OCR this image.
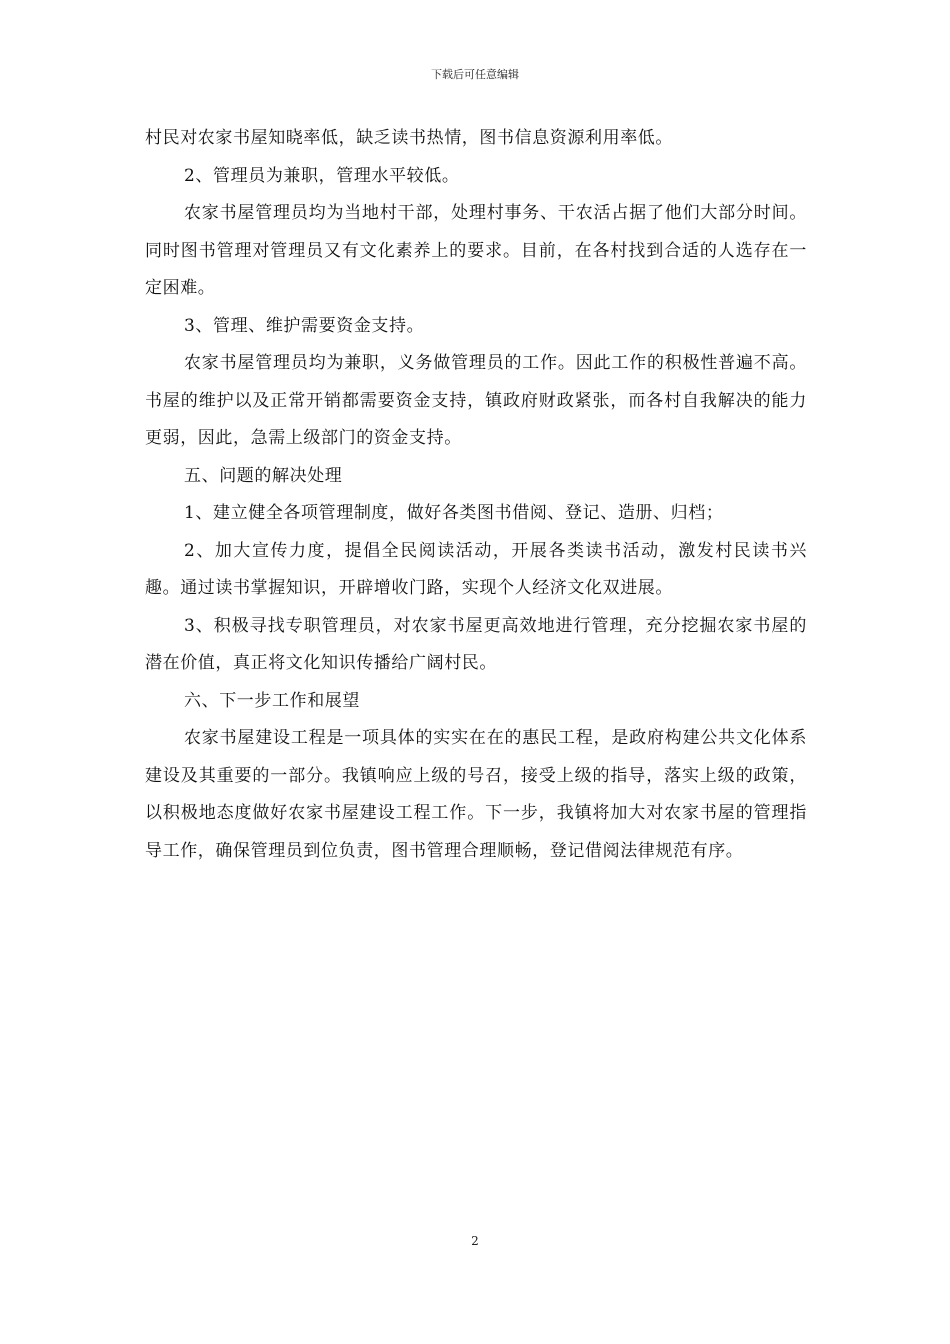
下载后可任意编辑

村民对农家书屋知晓率低，缺乏读书热情，图书信息资源利用率低。

2、管理员为兼职，管理水平较低。

农家书屋管理员均为当地村干部，处理村事务、干农活占据了他们大部分时间。同时图书管理对管理员又有文化素养上的要求。目前，在各村找到合适的人选存在一定困难。

3、管理、维护需要资金支持。

农家书屋管理员均为兼职，义务做管理员的工作。因此工作的积极性普遍不高。书屋的维护以及正常开销都需要资金支持，镇政府财政紧张，而各村自我解决的能力更弱，因此，急需上级部门的资金支持。

五、问题的解决处理

1、建立健全各项管理制度，做好各类图书借阅、登记、造册、归档；

2、加大宣传力度，提倡全民阅读活动，开展各类读书活动，激发村民读书兴趣。通过读书掌握知识，开辟增收门路，实现个人经济文化双进展。

3、积极寻找专职管理员，对农家书屋更高效地进行管理，充分挖掘农家书屋的潜在价值，真正将文化知识传播给广阔村民。

六、下一步工作和展望

农家书屋建设工程是一项具体的实实在在的惠民工程，是政府构建公共文化体系建设及其重要的一部分。我镇响应上级的号召，接受上级的指导，落实上级的政策，以积极地态度做好农家书屋建设工程工作。下一步，我镇将加大对农家书屋的管理指导工作，确保管理员到位负责，图书管理合理顺畅，登记借阅法律规范有序。

2
